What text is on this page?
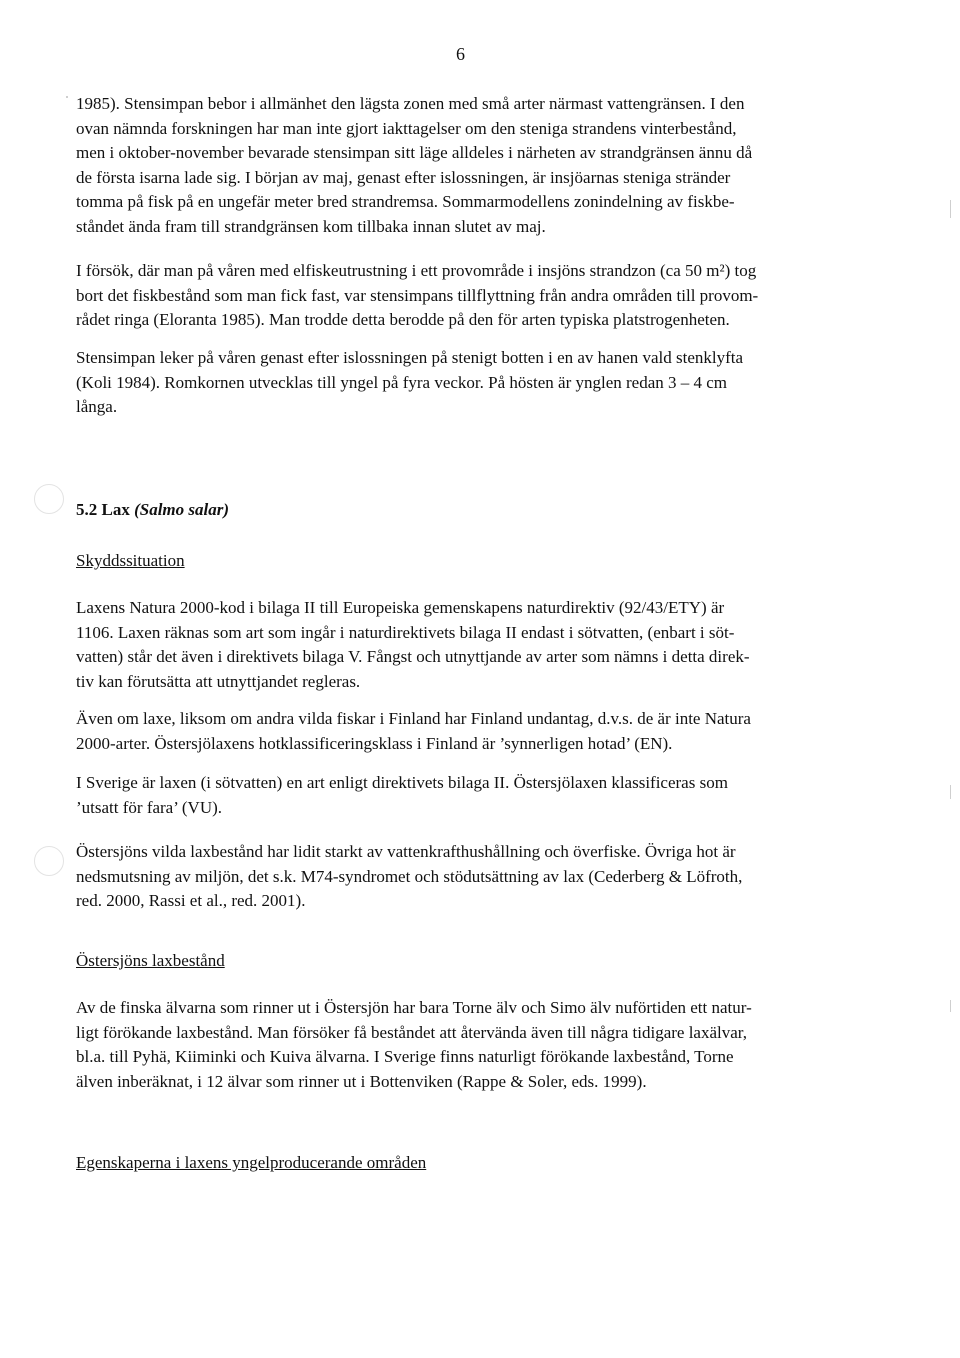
6

1985). Stensimpan bebor i allmänhet den lägsta zonen med små arter närmast vattengränsen. I den
ovan nämnda forskningen har man inte gjort iakttagelser om den steniga strandens vinterbestånd,
men i oktober-november bevarade stensimpan sitt läge alldeles i närheten av strandgränsen ännu då
de första isarna lade sig. I början av maj, genast efter islossningen, är insjöarnas steniga stränder
tomma på fisk på en ungefär meter bred strandremsa. Sommarmodellens zonindelning av fiskbe-
ståndet ända fram till strandgränsen kom tillbaka innan slutet av maj.

I försök, där man på våren med elfiskeutrustning i ett provområde i insjöns strandzon (ca 50 m²) tog
bort det fiskbestånd som man fick fast, var stensimpans tillflyttning från andra områden till provom-
rådet ringa (Eloranta 1985). Man trodde detta berodde på den för arten typiska platstrogenheten.

Stensimpan leker på våren genast efter islossningen på stenigt botten i en av hanen vald stenklyfta
(Koli 1984). Romkornen utvecklas till yngel på fyra veckor. På hösten är ynglen redan 3 – 4 cm
långa.

5.2 Lax (Salmo salar)
Skyddssituation

Laxens Natura 2000-kod i bilaga II till Europeiska gemenskapens naturdirektiv (92/43/ETY) är
1106. Laxen räknas som art som ingår i naturdirektivets bilaga II endast i sötvatten, (enbart i söt-
vatten) står det även i direktivets bilaga V. Fångst och utnyttjande av arter som nämns i detta direk-
tiv kan förutsätta att utnyttjandet regleras.

Även om laxe, liksom om andra vilda fiskar i Finland har Finland undantag, d.v.s. de är inte Natura
2000-arter. Östersjölaxens hotklassificeringsklass i Finland är ’synnerligen hotad’ (EN).

I Sverige är laxen (i sötvatten) en art enligt direktivets bilaga II. Östersjölaxen klassificeras som
’utsatt för fara’ (VU).

Östersjöns vilda laxbestånd har lidit starkt av vattenkrafthushållning och överfiske. Övriga hot är
nedsmutsning av miljön, det s.k. M74-syndromet och stödutsättning av lax (Cederberg & Löfroth,
red. 2000, Rassi et al., red. 2001).

Östersjöns laxbestånd

Av de finska älvarna som rinner ut i Östersjön har bara Torne älv och Simo älv nuförtiden ett natur-
ligt förökande laxbestånd. Man försöker få beståndet att återvända även till några tidigare laxälvar,
bl.a. till Pyhä, Kiiminki och Kuiva älvarna. I Sverige finns naturligt förökande laxbestånd, Torne
älven inberäknat, i 12 älvar som rinner ut i Bottenviken (Rappe & Soler, eds. 1999).

Egenskaperna i laxens yngelproducerande områden
